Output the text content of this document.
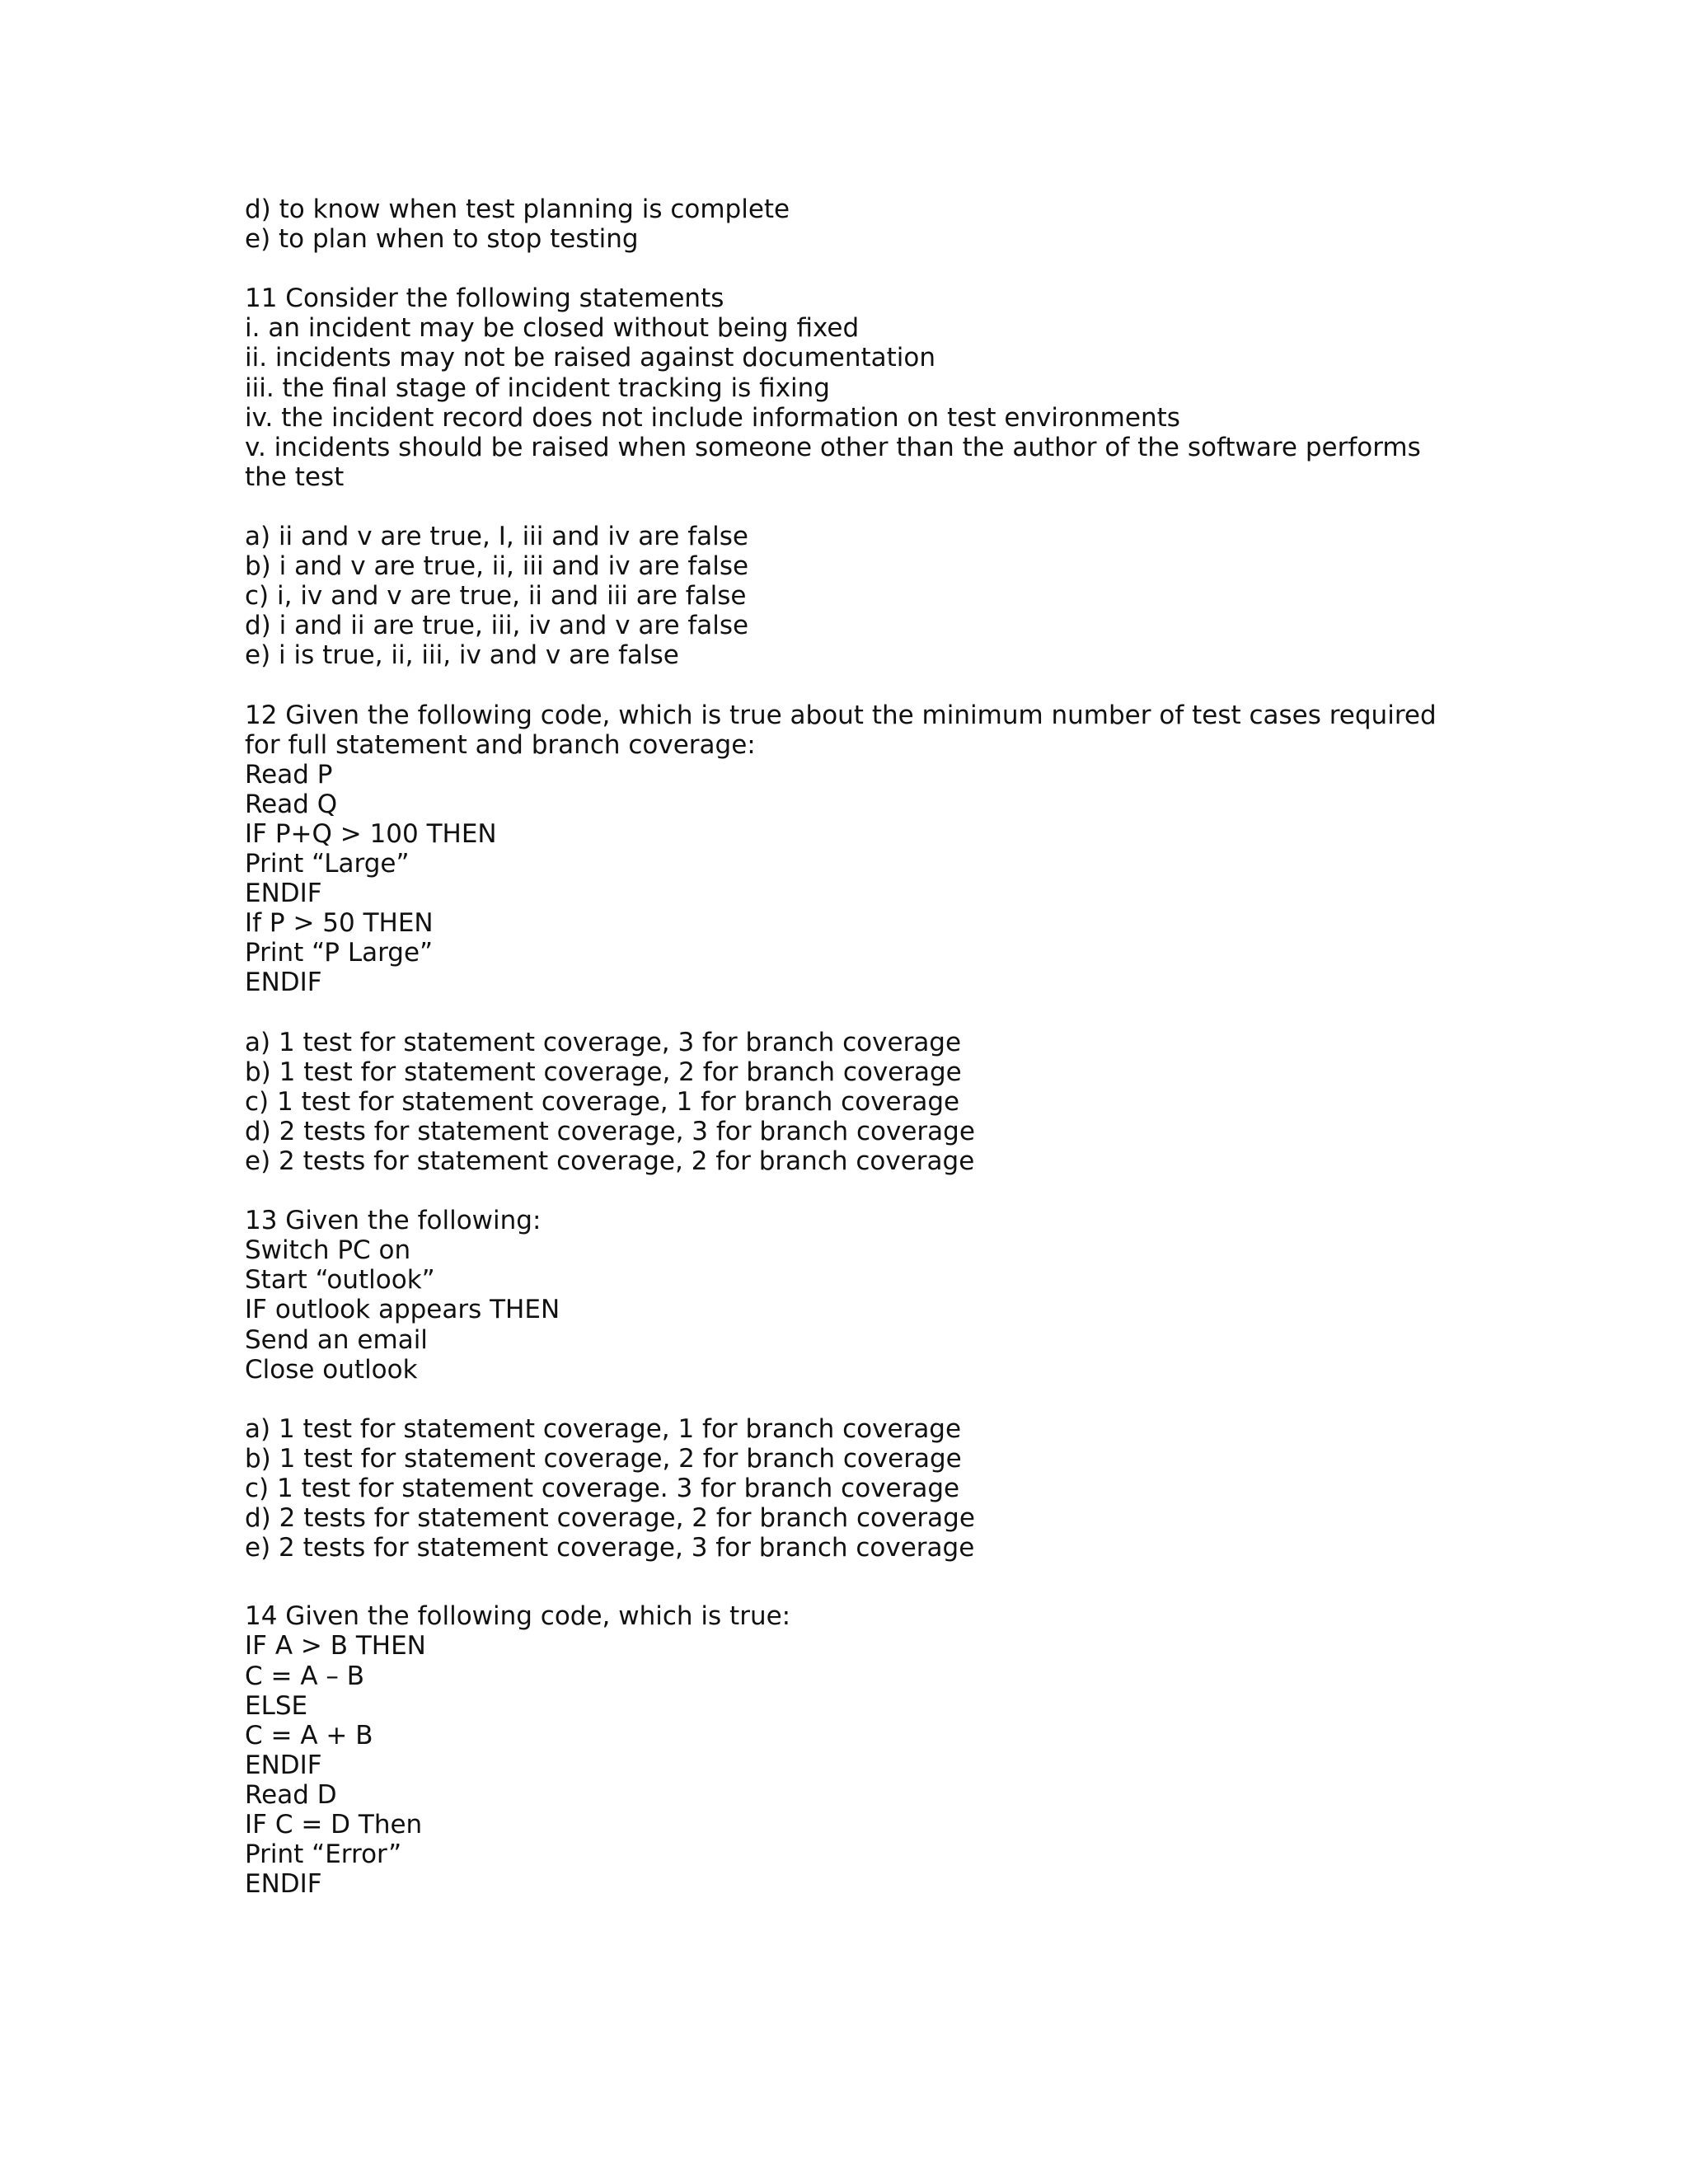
d) to know when test planning is complete
e) to plan when to stop testing
11 Consider the following statements
i. an incident may be closed without being fixed
ii. incidents may not be raised against documentation
iii. the final stage of incident tracking is fixing
iv. the incident record does not include information on test environments
v. incidents should be raised when someone other than the author of the software performs
the test
a) ii and v are true, I, iii and iv are false
b) i and v are true, ii, iii and iv are false
c) i, iv and v are true, ii and iii are false
d) i and ii are true, iii, iv and v are false
e) i is true, ii, iii, iv and v are false
12 Given the following code, which is true about the minimum number of test cases required
for full statement and branch coverage:
Read P
Read Q
IF P+Q > 100 THEN
Print “Large”
ENDIF
If P > 50 THEN
Print “P Large”
ENDIF
a) 1 test for statement coverage, 3 for branch coverage
b) 1 test for statement coverage, 2 for branch coverage
c) 1 test for statement coverage, 1 for branch coverage
d) 2 tests for statement coverage, 3 for branch coverage
e) 2 tests for statement coverage, 2 for branch coverage
13 Given the following:
Switch PC on
Start “outlook”
IF outlook appears THEN
Send an email
Close outlook
a) 1 test for statement coverage, 1 for branch coverage
b) 1 test for statement coverage, 2 for branch coverage
c) 1 test for statement coverage. 3 for branch coverage
d) 2 tests for statement coverage, 2 for branch coverage
e) 2 tests for statement coverage, 3 for branch coverage
14 Given the following code, which is true:
IF A > B THEN
C = A – B
ELSE
C = A + B
ENDIF
Read D
IF C = D Then
Print “Error”
ENDIF
